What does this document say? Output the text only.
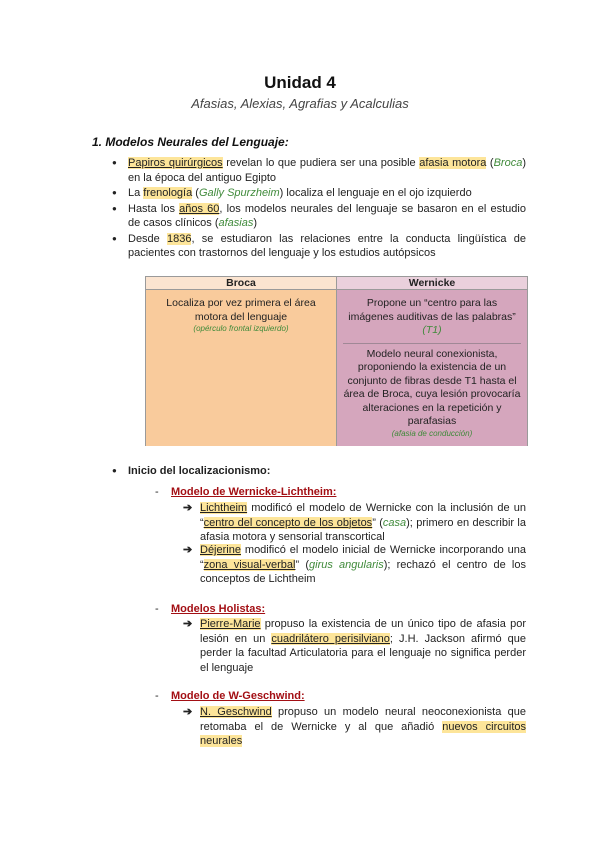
Unidad 4
Afasias, Alexias, Agrafias y Acalculias
1. Modelos Neurales del Lenguaje:
● Papiros quirúrgicos revelan lo que pudiera ser una posible afasia motora (Broca) en la época del antiguo Egipto
● La frenología (Gally Spurzheim) localiza el lenguaje en el ojo izquierdo
● Hasta los años 60, los modelos neurales del lenguaje se basaron en el estudio de casos clínicos (afasias)
● Desde 1836, se estudiaron las relaciones entre la conducta lingüística de pacientes con trastornos del lenguaje y los estudios autópsicos
Broca	Wernicke
Localiza por vez primera el área motora del lenguaje
(opérculo frontal izquierdo)
Propone un “centro para las imágenes auditivas de las palabras”
(T1)
Modelo neural conexionista, proponiendo la existencia de un conjunto de fibras desde T1 hasta el área de Broca, cuya lesión provocaría alteraciones en la repetición y parafasias
(afasia de conducción)
● Inicio del localizacionismo:
- Modelo de Wernicke-Lichtheim:
➔ Lichtheim modificó el modelo de Wernicke con la inclusión de un “centro del concepto de los objetos” (casa); primero en describir la afasia motora y sensorial transcortical
➔ Déjerine modificó el modelo inicial de Wernicke incorporando una “zona visual-verbal” (girus angularis); rechazó el centro de los conceptos de Lichtheim
- Modelos Holistas:
➔ Pierre-Marie propuso la existencia de un único tipo de afasia por lesión en un cuadrilátero perisilviano; J.H. Jackson afirmó que perder la facultad Articulatoria para el lenguaje no significa perder el lenguaje
- Modelo de W-Geschwind:
➔ N. Geschwind propuso un modelo neural neoconexionista que retomaba el de Wernicke y al que añadió nuevos circuitos neurales
